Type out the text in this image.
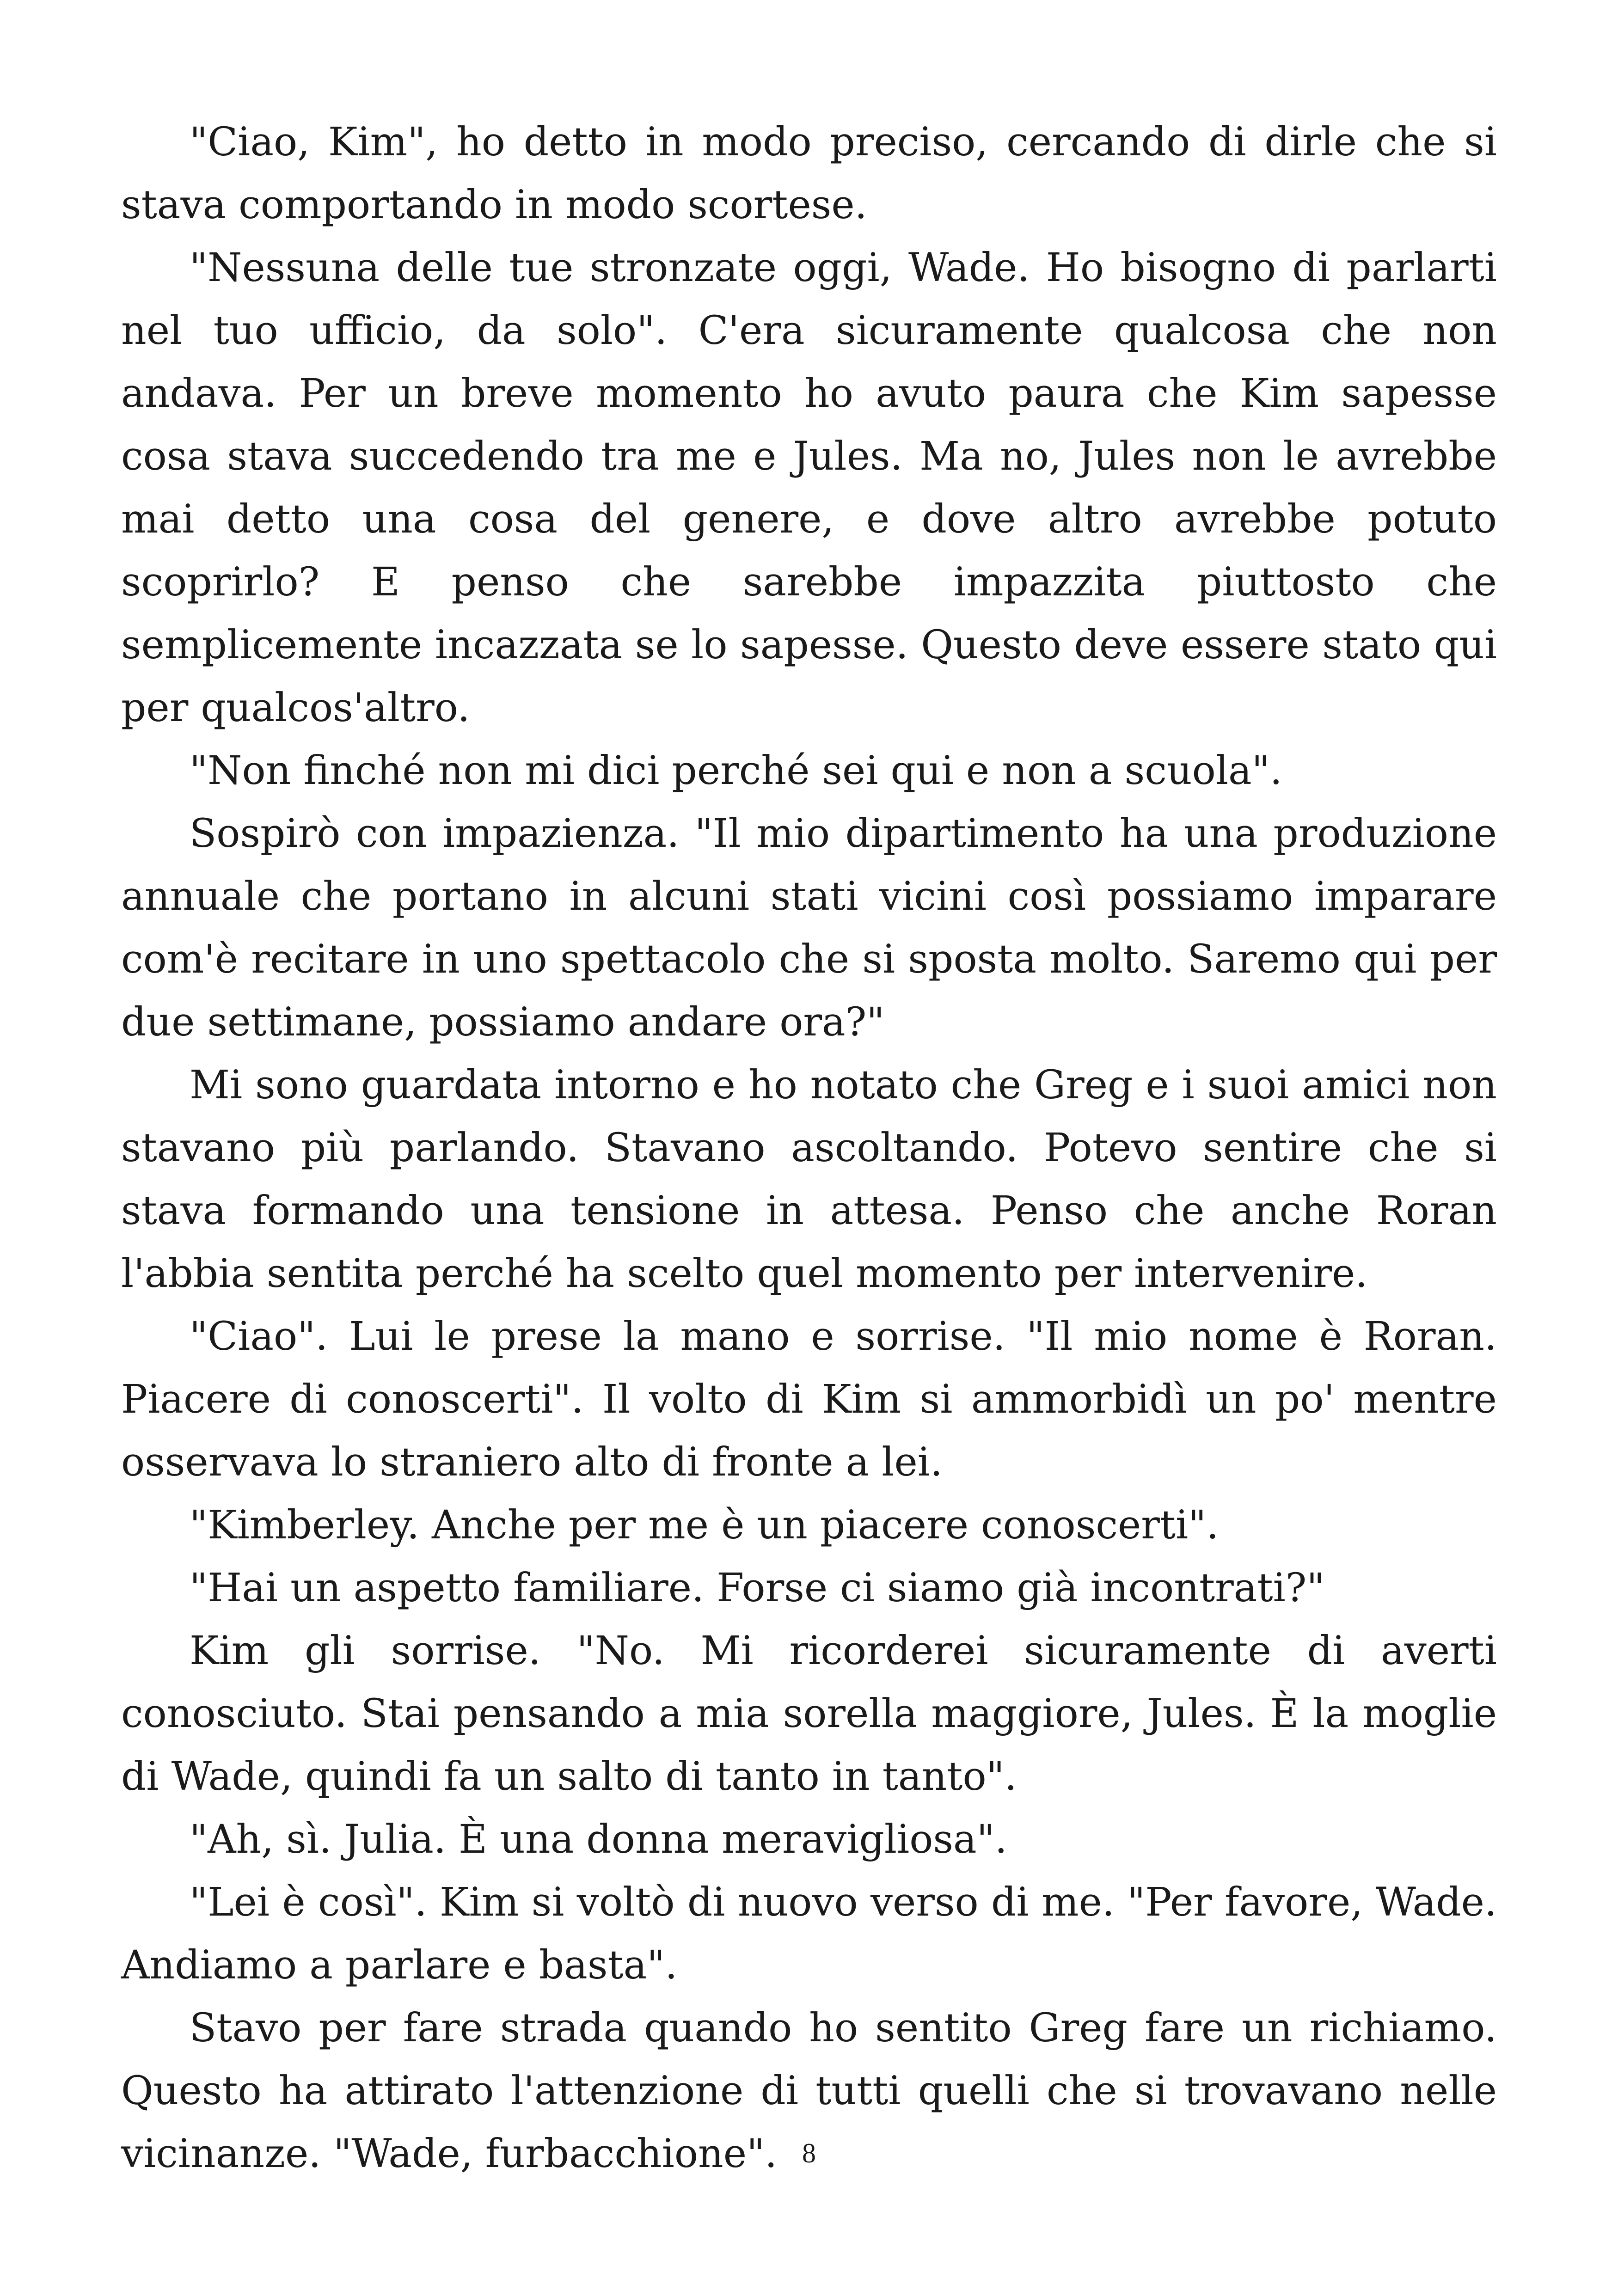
"Ciao, Kim", ho detto in modo preciso, cercando di dirle che si stava comportando in modo scortese.

"Nessuna delle tue stronzate oggi, Wade. Ho bisogno di parlarti nel tuo ufficio, da solo". C'era sicuramente qualcosa che non andava. Per un breve momento ho avuto paura che Kim sapesse cosa stava succedendo tra me e Jules. Ma no, Jules non le avrebbe mai detto una cosa del genere, e dove altro avrebbe potuto scoprirlo? E penso che sarebbe impazzita piuttosto che semplicemente incazzata se lo sapesse. Questo deve essere stato qui per qualcos'altro.

"Non finché non mi dici perché sei qui e non a scuola".

Sospirò con impazienza. "Il mio dipartimento ha una produzione annuale che portano in alcuni stati vicini così possiamo imparare com'è recitare in uno spettacolo che si sposta molto. Saremo qui per due settimane, possiamo andare ora?"

Mi sono guardata intorno e ho notato che Greg e i suoi amici non stavano più parlando. Stavano ascoltando. Potevo sentire che si stava formando una tensione in attesa. Penso che anche Roran l'abbia sentita perché ha scelto quel momento per intervenire.

"Ciao". Lui le prese la mano e sorrise. "Il mio nome è Roran. Piacere di conoscerti". Il volto di Kim si ammorbidì un po' mentre osservava lo straniero alto di fronte a lei.

"Kimberley. Anche per me è un piacere conoscerti".

"Hai un aspetto familiare. Forse ci siamo già incontrati?"

Kim gli sorrise. "No. Mi ricorderei sicuramente di averti conosciuto. Stai pensando a mia sorella maggiore, Jules. È la moglie di Wade, quindi fa un salto di tanto in tanto".

"Ah, sì. Julia. È una donna meravigliosa".

"Lei è così". Kim si voltò di nuovo verso di me. "Per favore, Wade. Andiamo a parlare e basta".

Stavo per fare strada quando ho sentito Greg fare un richiamo. Questo ha attirato l'attenzione di tutti quelli che si trovavano nelle vicinanze. "Wade, furbacchione". 8
